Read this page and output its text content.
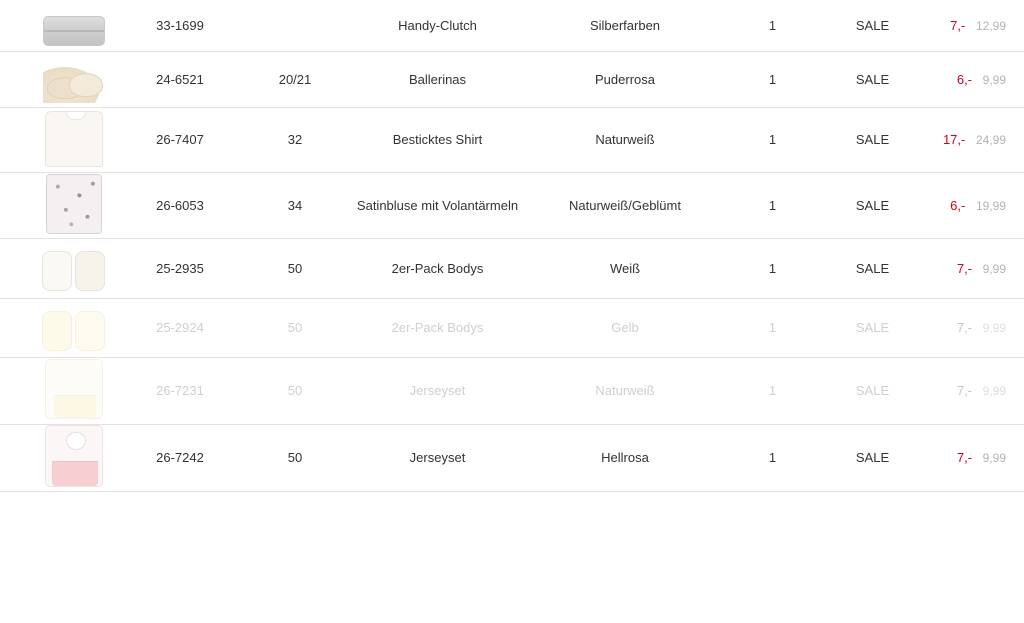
	33-1699		Handy-Clutch	Silberfarben	1	SALE	7,- 12,99
	24-6521	20/21	Ballerinas	Puderrosa	1	SALE	6,- 9,99
	26-7407	32	Besticktes Shirt	Naturweiß	1	SALE	17,- 24,99
	26-6053	34	Satinbluse mit Volantärmeln	Naturweiß/Geblümt	1	SALE	6,- 19,99
	25-2935	50	2er-Pack Bodys	Weiß	1	SALE	7,- 9,99
	25-2924	50	2er-Pack Bodys	Gelb	1	SALE	7,- 9,99
	26-7231	50	Jerseyset	Naturweiß	1	SALE	7,- 9,99
	26-7242	50	Jerseyset	Hellrosa	1	SALE	7,- 9,99
